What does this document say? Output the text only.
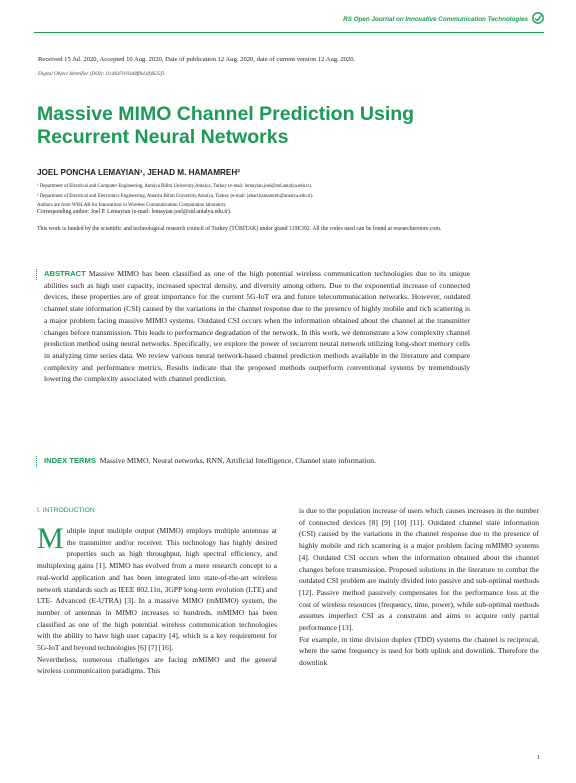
RS Open Journal on Innovative Communication Technologies
Received 15 Jul. 2020, Accepted 10 Aug. 2020, Date of publication 12 Aug. 2020, date of current version 12 Aug. 2020.
Digital Object Identifier (DOI): 10.46470/03d8ffbd.8f4625f3
Massive MIMO Channel Prediction Using Recurrent Neural Networks
JOEL PONCHA LEMAYIAN¹, JEHAD M. HAMAMREH²
¹ Department of Electrical and Computer Engineering, Antalya Bilim University,Antalya, Turkey (e-mail: lemayian.joel@std.antalya.edu.tr).
² Department of Electrical and Electronics Engineering, Antalya Bilim University,Antalya, Turkey (e-mail: jehad.hamamreh@antalya.edu.tr).
Authors are from WISLAB for Innovations in Wireless Communication Computation laboratory.
Corresponding author: Joel P. Lemayian (e-mail: lemayian.joel@std.antalya.edu.tr).
This work is funded by the scientific and technological research council of Turkey (TÜBİTAK) under grand 119E392. All the codes used can be found at researcherstore.com.
ABSTRACT Massive MIMO has been classified as one of the high potential wireless communication technologies due to its unique abilities such as high user capacity, increased spectral density, and diversity among others. Due to the exponential increase of connected devices, these properties are of great importance for the current 5G-IoT era and future telecommunication networks. However, outdated channel state information (CSI) caused by the variations in the channel response due to the presence of highly mobile and rich scattering is a major problem facing massive MIMO systems. Outdated CSI occurs when the information obtained about the channel at the transmitter changes before transmission. This leads to performance degradation of the network. In this work, we demonstrate a low complexity channel prediction method using neural networks. Specifically, we explore the power of recurrent neural network utilizing long-short memory cells in analyzing time series data. We review various neural network-based channel prediction methods available in the literature and compare complexity and performance metrics. Results indicate that the proposed methods outperform conventional systems by tremendously lowering the complexity associated with channel prediction.
INDEX TERMS Massive MIMO, Neural networks, RNN, Artificial Intelligence, Channel state information.
I. INTRODUCTION

Multiple input multiple output (MIMO) employs multiple antennas at the transmitter and/or receiver. This technology has highly desired properties such as high throughput, high spectral efficiency, and multiplexing gains [1]. MIMO has evolved from a mere research concept to a real-world application and has been integrated into state-of-the-art wireless network standards such as IEEE 802.11n, 3GPP long-term evolution (LTE) and LTE- Advanced (E-UTRA) [3]. In a massive MIMO (mMIMO) system, the number of antennas in MIMO increases to hundreds. mMIMO has been classified as one of the high potential wireless communication technologies with the ability to have high user capacity [4], which is a key requirement for 5G-IoT and beyond technologies [6] [7] [16].

Nevertheless, numerous challenges are facing mMIMO and the general wireless communication paradigms. This

is due to the population increase of users which causes increases in the number of connected devices [8] [9] [10] [11]. Outdated channel state information (CSI) caused by the variations in the channel response due to the presence of highly mobile and rich scattering is a major problem facing mMIMO systems [4]. Outdated CSI occurs when the information obtained about the channel changes before transmission. Proposed solutions in the literature to combat the outdated CSI problem are mainly divided into passive and sub-optimal methods [12]. Passive method passively compensates for the performance loss at the cost of wireless resources (frequency, time, power), while sub-optimal methods assumes imperfect CSI as a constraint and aims to acquire only partial performance [13].

For example, in time division duplex (TDD) systems the channel is reciprocal, where the same frequency is used for both uplink and downlink. Therefore the downlink

1
